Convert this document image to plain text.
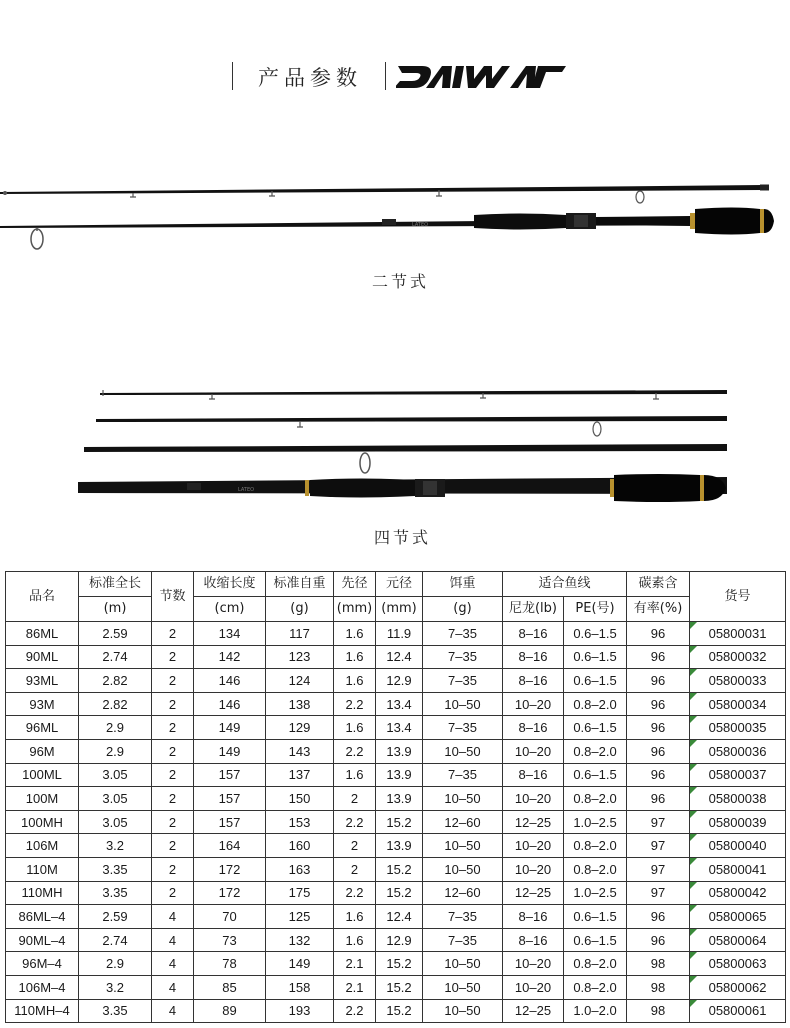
产品参数
LATEO
二节式
LATEO
四节式
品名	标准全长	节数	收缩长度	标准自重	先径	元径	饵重	适合鱼线		碳素含	货号
	(m)		(cm)	(g)	(mm)	(mm)	(g)	尼龙(lb)	PE(号)	有率(%)	
86ML	2.59	2	134	117	1.6	11.9	7–35	8–16	0.6–1.5	96	05800031
90ML	2.74	2	142	123	1.6	12.4	7–35	8–16	0.6–1.5	96	05800032
93ML	2.82	2	146	124	1.6	12.9	7–35	8–16	0.6–1.5	96	05800033
93M	2.82	2	146	138	2.2	13.4	10–50	10–20	0.8–2.0	96	05800034
96ML	2.9	2	149	129	1.6	13.4	7–35	8–16	0.6–1.5	96	05800035
96M	2.9	2	149	143	2.2	13.9	10–50	10–20	0.8–2.0	96	05800036
100ML	3.05	2	157	137	1.6	13.9	7–35	8–16	0.6–1.5	96	05800037
100M	3.05	2	157	150	2	13.9	10–50	10–20	0.8–2.0	96	05800038
100MH	3.05	2	157	153	2.2	15.2	12–60	12–25	1.0–2.5	97	05800039
106M	3.2	2	164	160	2	13.9	10–50	10–20	0.8–2.0	97	05800040
110M	3.35	2	172	163	2	15.2	10–50	10–20	0.8–2.0	97	05800041
110MH	3.35	2	172	175	2.2	15.2	12–60	12–25	1.0–2.5	97	05800042
86ML–4	2.59	4	70	125	1.6	12.4	7–35	8–16	0.6–1.5	96	05800065
90ML–4	2.74	4	73	132	1.6	12.9	7–35	8–16	0.6–1.5	96	05800064
96M–4	2.9	4	78	149	2.1	15.2	10–50	10–20	0.8–2.0	98	05800063
106M–4	3.2	4	85	158	2.1	15.2	10–50	10–20	0.8–2.0	98	05800062
110MH–4	3.35	4	89	193	2.2	15.2	10–50	12–25	1.0–2.0	98	05800061
